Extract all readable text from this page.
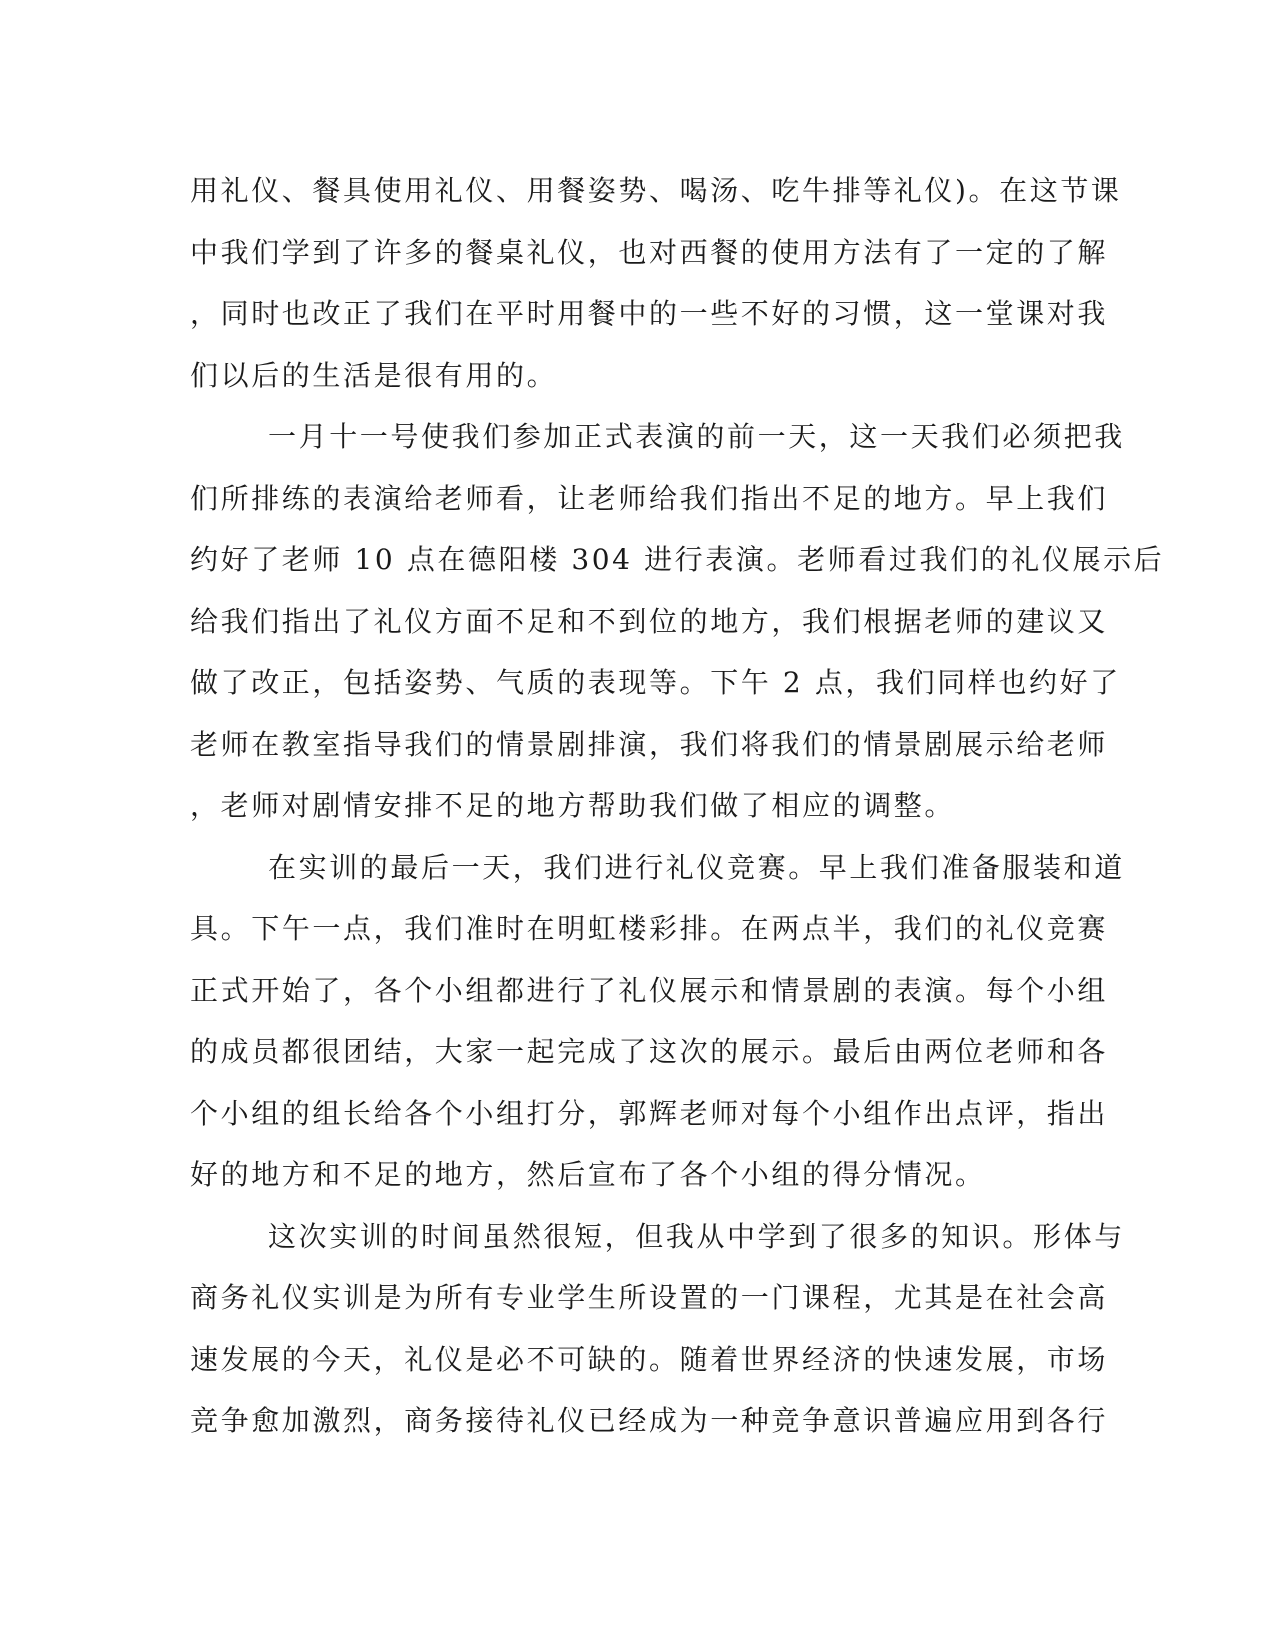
用礼仪、餐具使用礼仪、用餐姿势、喝汤、吃牛排等礼仪)。在这节课

中我们学到了许多的餐桌礼仪，也对西餐的使用方法有了一定的了解

，同时也改正了我们在平时用餐中的一些不好的习惯，这一堂课对我

们以后的生活是很有用的。

一月十一号使我们参加正式表演的前一天，这一天我们必须把我

们所排练的表演给老师看，让老师给我们指出不足的地方。早上我们

约好了老师 10 点在德阳楼 304 进行表演。老师看过我们的礼仪展示后

给我们指出了礼仪方面不足和不到位的地方，我们根据老师的建议又

做了改正，包括姿势、气质的表现等。下午 2 点，我们同样也约好了

老师在教室指导我们的情景剧排演，我们将我们的情景剧展示给老师

，老师对剧情安排不足的地方帮助我们做了相应的调整。

在实训的最后一天，我们进行礼仪竞赛。早上我们准备服装和道

具。下午一点，我们准时在明虹楼彩排。在两点半，我们的礼仪竞赛

正式开始了，各个小组都进行了礼仪展示和情景剧的表演。每个小组

的成员都很团结，大家一起完成了这次的展示。最后由两位老师和各

个小组的组长给各个小组打分，郭辉老师对每个小组作出点评，指出

好的地方和不足的地方，然后宣布了各个小组的得分情况。

这次实训的时间虽然很短，但我从中学到了很多的知识。形体与

商务礼仪实训是为所有专业学生所设置的一门课程，尤其是在社会高

速发展的今天，礼仪是必不可缺的。随着世界经济的快速发展，市场

竞争愈加激烈，商务接待礼仪已经成为一种竞争意识普遍应用到各行
